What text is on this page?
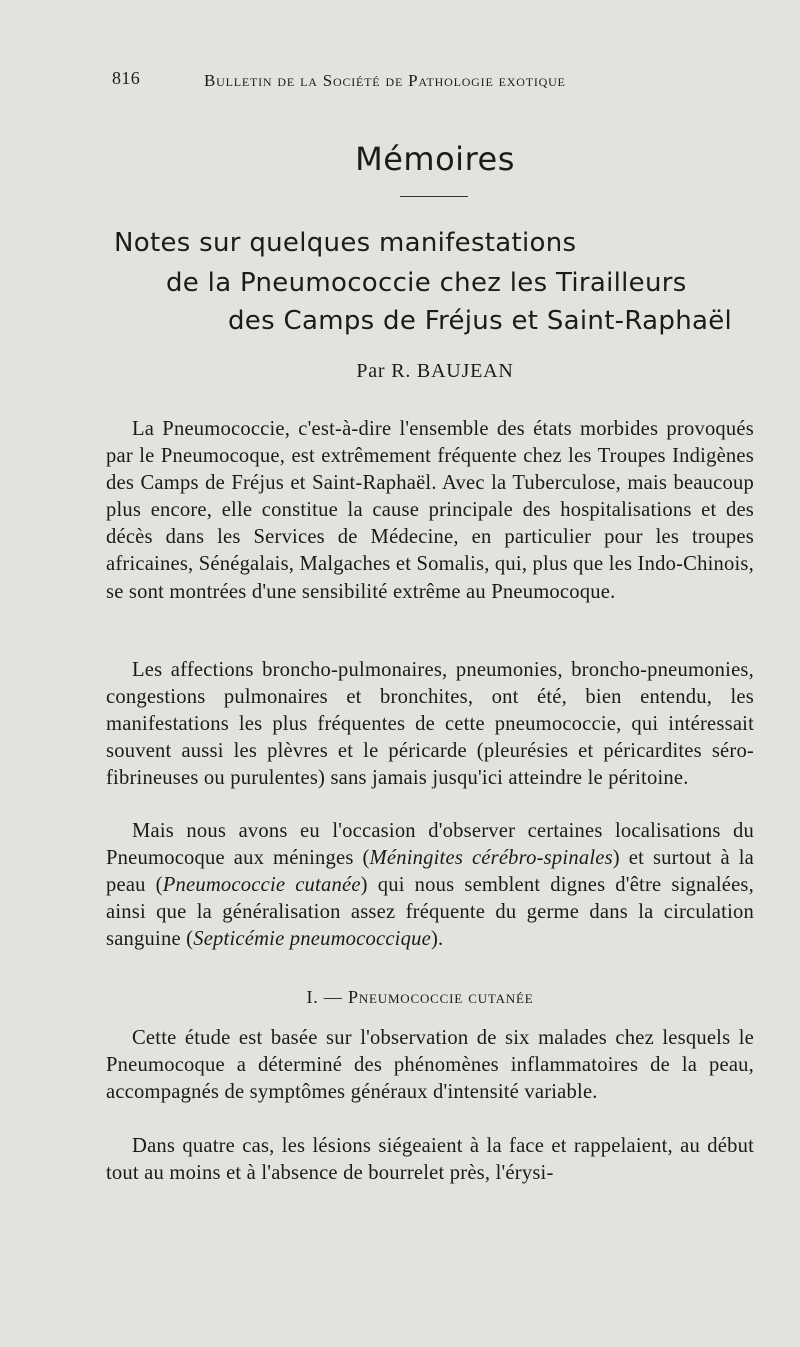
816	Bulletin de la Société de Pathologie exotique
Mémoires
Notes sur quelques manifestations
de la Pneumococcie chez les Tirailleurs
des Camps de Fréjus et Saint-Raphaël
Par R. BAUJEAN

La Pneumococcie, c'est-à-dire l'ensemble des états morbides provoqués par le Pneumocoque, est extrêmement fréquente chez les Troupes Indigènes des Camps de Fréjus et Saint-Raphaël. Avec la Tuberculose, mais beaucoup plus encore, elle constitue la cause principale des hospitalisations et des décès dans les Services de Médecine, en particulier pour les troupes africaines, Sénégalais, Malgaches et Somalis, qui, plus que les Indo-Chinois, se sont montrées d'une sensibilité extrême au Pneumocoque.

Les affections broncho-pulmonaires, pneumonies, broncho-pneumonies, congestions pulmonaires et bronchites, ont été, bien entendu, les manifestations les plus fréquentes de cette pneumococcie, qui intéressait souvent aussi les plèvres et le péricarde (pleurésies et péricardites séro-fibrineuses ou purulentes) sans jamais jusqu'ici atteindre le péritoine.

Mais nous avons eu l'occasion d'observer certaines localisations du Pneumocoque aux méninges (Méningites cérébro-spinales) et surtout à la peau (Pneumococcie cutanée) qui nous semblent dignes d'être signalées, ainsi que la généralisation assez fréquente du germe dans la circulation sanguine (Septicémie pneumococcique).

I. — Pneumococcie cutanée

Cette étude est basée sur l'observation de six malades chez lesquels le Pneumocoque a déterminé des phénomènes inflammatoires de la peau, accompagnés de symptômes généraux d'intensité variable.

Dans quatre cas, les lésions siégeaient à la face et rappelaient, au début tout au moins et à l'absence de bourrelet près, l'érysi-
